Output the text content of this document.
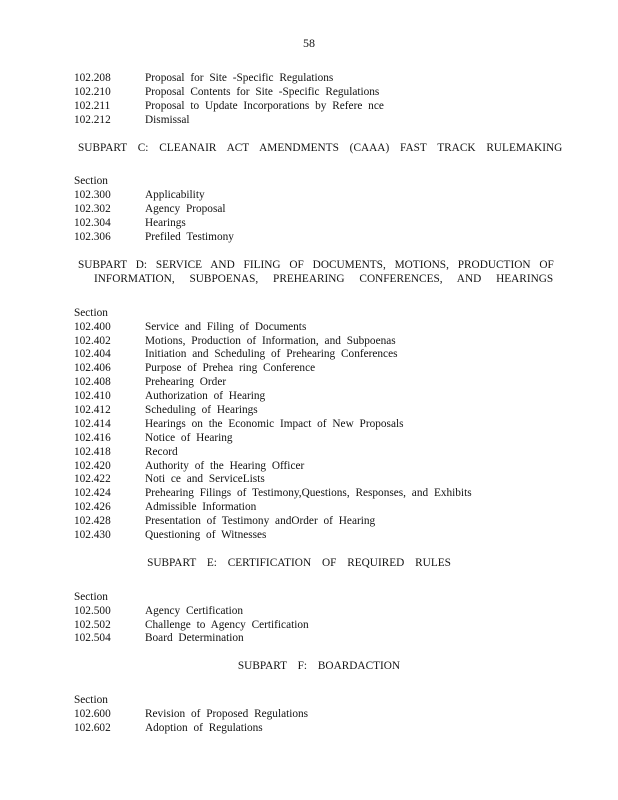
58
102.208	Proposal for Site -Specific Regulations
102.210	Proposal Contents for Site -Specific Regulations
102.211	Proposal to Update Incorporations by Refere nce
102.212	Dismissal
SUBPART C: CLEANAIR ACT AMENDMENTS (CAAA) FAST TRACK RULEMAKING
Section
102.300	Applicability
102.302	Agency Proposal
102.304	Hearings
102.306	Prefiled Testimony
SUBPART D: SERVICE AND FILING OF DOCUMENTS, MOTIONS, PRODUCTION OF
INFORMATION, SUBPOENAS, PREHEARING CONFERENCES, AND HEARINGS
Section
102.400	Service and Filing of Documents
102.402	Motions, Production of Information, and Subpoenas
102.404	Initiation and Scheduling of Prehearing Conferences
102.406	Purpose of Prehea ring Conference
102.408	Prehearing Order
102.410	Authorization of Hearing
102.412	Scheduling of Hearings
102.414	Hearings on the Economic Impact of New Proposals
102.416	Notice of Hearing
102.418	Record
102.420	Authority of the Hearing Officer
102.422	Noti ce and ServiceLists
102.424	Prehearing Filings of Testimony,Questions, Responses, and Exhibits
102.426	Admissible Information
102.428	Presentation of Testimony andOrder of Hearing
102.430	Questioning of Witnesses
SUBPART E: CERTIFICATION OF REQUIRED RULES
Section
102.500	Agency Certification
102.502	Challenge to Agency Certification
102.504	Board Determination
SUBPART F: BOARDACTION
Section
102.600	Revision of Proposed Regulations
102.602	Adoption of Regulations
